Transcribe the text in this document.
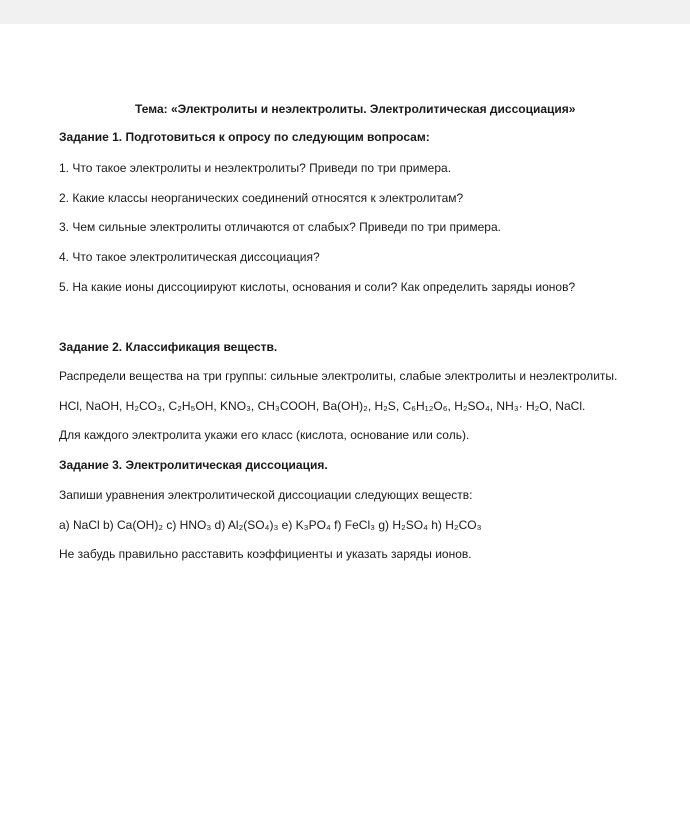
Тема: «Электролиты и неэлектролиты. Электролитическая диссоциация»
Задание 1. Подготовиться к опросу по следующим вопросам:
1. Что такое электролиты и неэлектролиты? Приведи по три примера.
2. Какие классы неорганических соединений относятся к электролитам?
3. Чем сильные электролиты отличаются от слабых? Приведи по три примера.
4. Что такое электролитическая диссоциация?
5. На какие ионы диссоциируют кислоты, основания и соли? Как определить заряды ионов?
Задание 2. Классификация веществ.
Распредели вещества на три группы: сильные электролиты, слабые электролиты и неэлектролиты.
HCl, NaOH, H₂CO₃, C₂H₅OH, KNO₃, CH₃COOH, Ba(OH)₂, H₂S, C₆H₁₂O₆, H₂SO₄, NH₃· H₂O, NaCl.
Для каждого электролита укажи его класс (кислота, основание или соль).
Задание 3. Электролитическая диссоциация.
Запиши уравнения электролитической диссоциации следующих веществ:
а) NaCl b) Ca(OH)₂ c) HNO₃ d) Al₂(SO₄)₃ e) K₃PO₄ f) FeCl₃ g) H₂SO₄ h) H₂CO₃
Не забудь правильно расставить коэффициенты и указать заряды ионов.
